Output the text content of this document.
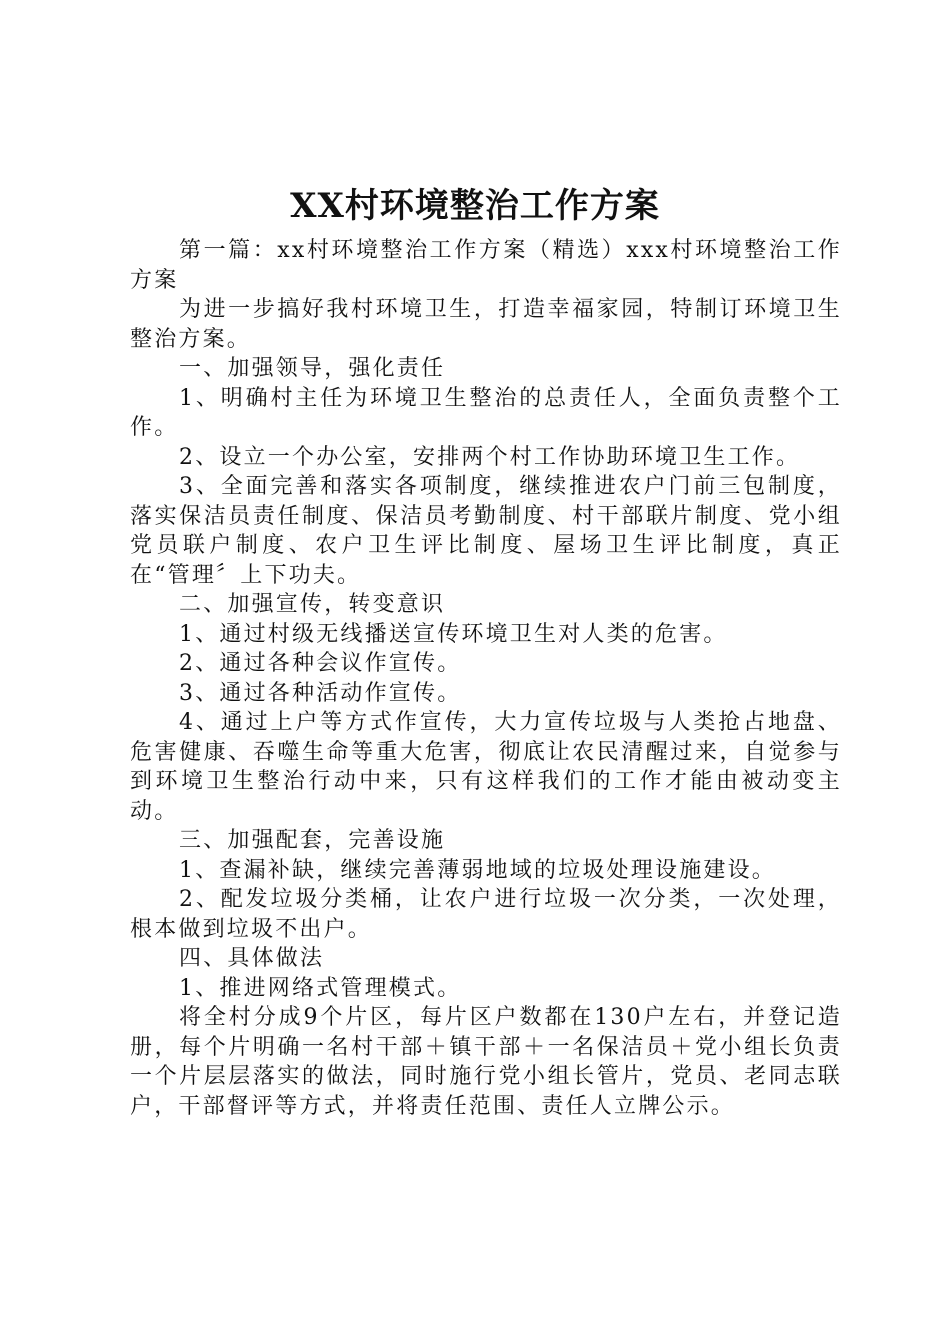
XX村环境整治工作方案

第一篇：xx村环境整治工作方案（精选）xxx村环境整治工作方案

为进一步搞好我村环境卫生，打造幸福家园，特制订环境卫生整治方案。

一、加强领导，强化责任

1、明确村主任为环境卫生整治的总责任人，全面负责整个工作。

2、设立一个办公室，安排两个村工作协助环境卫生工作。

3、全面完善和落实各项制度，继续推进农户门前三包制度，落实保洁员责任制度、保洁员考勤制度、村干部联片制度、党小组党员联户制度、农户卫生评比制度、屋场卫生评比制度，真正在“管理〞上下功夫。

二、加强宣传，转变意识

1、通过村级无线播送宣传环境卫生对人类的危害。

2、通过各种会议作宣传。

3、通过各种活动作宣传。

4、通过上户等方式作宣传，大力宣传垃圾与人类抢占地盘、危害健康、吞噬生命等重大危害，彻底让农民清醒过来，自觉参与到环境卫生整治行动中来，只有这样我们的工作才能由被动变主动。

三、加强配套，完善设施

1、查漏补缺，继续完善薄弱地域的垃圾处理设施建设。

2、配发垃圾分类桶，让农户进行垃圾一次分类，一次处理，根本做到垃圾不出户。

四、具体做法

1、推进网络式管理模式。

将全村分成9个片区，每片区户数都在130户左右，并登记造册，每个片明确一名村干部＋镇干部＋一名保洁员＋党小组长负责一个片层层落实的做法，同时施行党小组长管片，党员、老同志联户，干部督评等方式，并将责任范围、责任人立牌公示。
